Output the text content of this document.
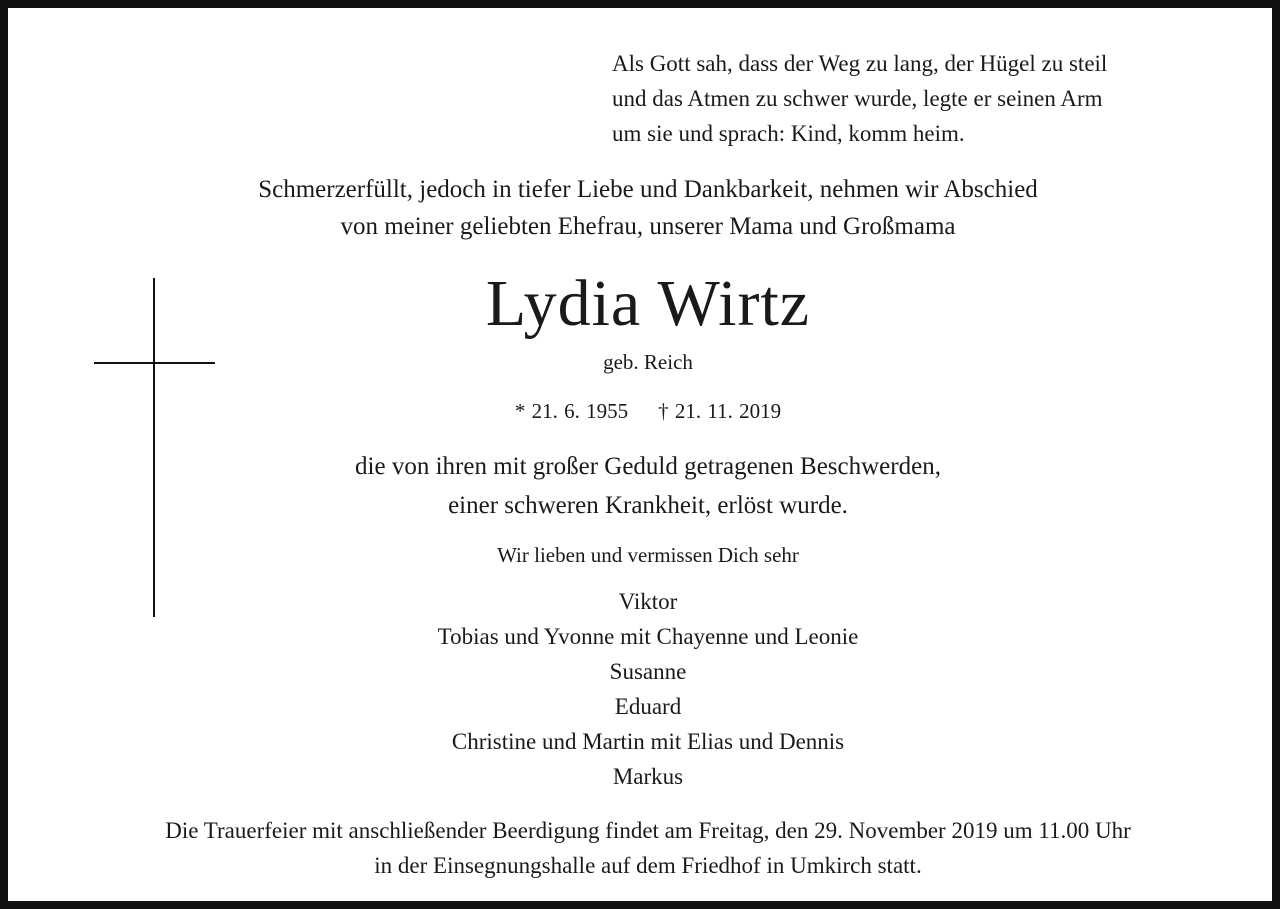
Als Gott sah, dass der Weg zu lang, der Hügel zu steil
und das Atmen zu schwer wurde, legte er seinen Arm
um sie und sprach: Kind, komm heim.
Schmerzerfüllt, jedoch in tiefer Liebe und Dankbarkeit, nehmen wir Abschied
von meiner geliebten Ehefrau, unserer Mama und Großmama
Lydia Wirtz
geb. Reich
* 21. 6. 1955 † 21. 11. 2019
die von ihren mit großer Geduld getragenen Beschwerden,
einer schweren Krankheit, erlöst wurde.
Wir lieben und vermissen Dich sehr
Viktor
Tobias und Yvonne mit Chayenne und Leonie
Susanne
Eduard
Christine und Martin mit Elias und Dennis
Markus
Die Trauerfeier mit anschließender Beerdigung findet am Freitag, den 29. November 2019 um 11.00 Uhr
in der Einsegnungshalle auf dem Friedhof in Umkirch statt.
